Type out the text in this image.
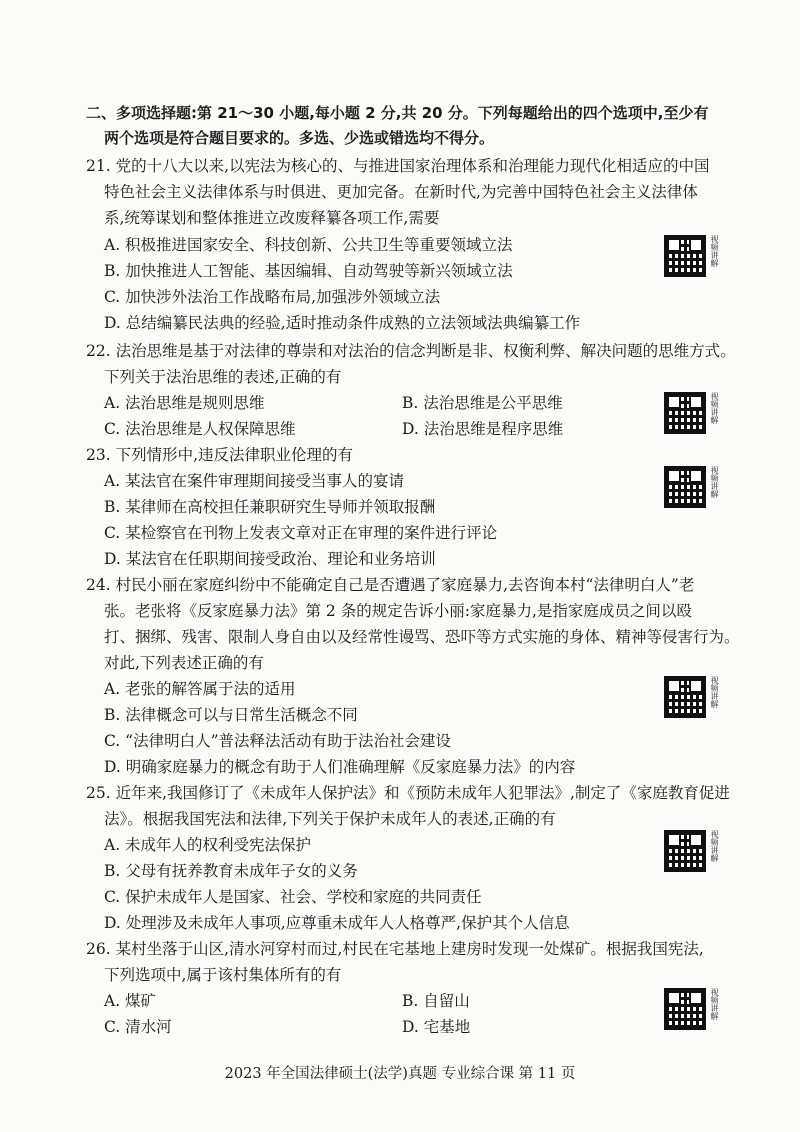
二、多项选择题:第 21～30 小题,每小题 2 分,共 20 分。下列每题给出的四个选项中,至少有
两个选项是符合题目要求的。多选、少选或错选均不得分。
21. 党的十八大以来,以宪法为核心的、与推进国家治理体系和治理能力现代化相适应的中国
特色社会主义法律体系与时俱进、更加完备。在新时代,为完善中国特色社会主义法律体
系,统筹谋划和整体推进立改废释纂各项工作,需要
A. 积极推进国家安全、科技创新、公共卫生等重要领域立法
B. 加快推进人工智能、基因编辑、自动驾驶等新兴领域立法
C. 加快涉外法治工作战略布局,加强涉外领域立法
D. 总结编纂民法典的经验,适时推动条件成熟的立法领域法典编纂工作
视频讲解
22. 法治思维是基于对法律的尊崇和对法治的信念判断是非、权衡利弊、解决问题的思维方式。
下列关于法治思维的表述,正确的有
A. 法治思维是规则思维	B. 法治思维是公平思维
C. 法治思维是人权保障思维	D. 法治思维是程序思维
视频讲解
23. 下列情形中,违反法律职业伦理的有
A. 某法官在案件审理期间接受当事人的宴请
B. 某律师在高校担任兼职研究生导师并领取报酬
C. 某检察官在刊物上发表文章对正在审理的案件进行评论
D. 某法官在任职期间接受政治、理论和业务培训
视频讲解
24. 村民小丽在家庭纠纷中不能确定自己是否遭遇了家庭暴力,去咨询本村“法律明白人”老
张。老张将《反家庭暴力法》第 2 条的规定告诉小丽:家庭暴力,是指家庭成员之间以殴
打、捆绑、残害、限制人身自由以及经常性谩骂、恐吓等方式实施的身体、精神等侵害行为。
对此,下列表述正确的有
A. 老张的解答属于法的适用
B. 法律概念可以与日常生活概念不同
C. “法律明白人”普法释法活动有助于法治社会建设
D. 明确家庭暴力的概念有助于人们准确理解《反家庭暴力法》的内容
视频讲解
25. 近年来,我国修订了《未成年人保护法》和《预防未成年人犯罪法》,制定了《家庭教育促进
法》。根据我国宪法和法律,下列关于保护未成年人的表述,正确的有
A. 未成年人的权利受宪法保护
B. 父母有抚养教育未成年子女的义务
C. 保护未成年人是国家、社会、学校和家庭的共同责任
D. 处理涉及未成年人事项,应尊重未成年人人格尊严,保护其个人信息
视频讲解
26. 某村坐落于山区,清水河穿村而过,村民在宅基地上建房时发现一处煤矿。根据我国宪法,
下列选项中,属于该村集体所有的有
A. 煤矿	B. 自留山
C. 清水河	D. 宅基地
视频讲解
2023 年全国法律硕士(法学)真题 专业综合课 第 11 页
